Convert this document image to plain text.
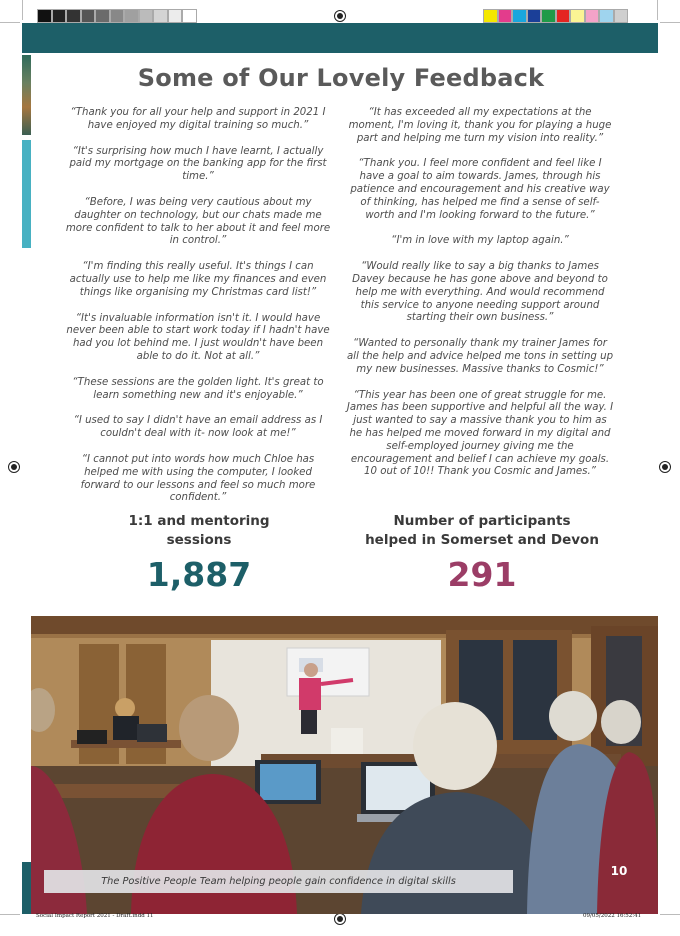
Some of Our Lovely Feedback

“Thank you for all your help and support in 2021 I have enjoyed my digital training so much.”

“It's surprising how much I have learnt, I actually paid my mortgage on the banking app for the first time.”

“Before, I was being very cautious about my daughter on technology, but our chats made me more confident to talk to her about it and feel more in control.”

“I'm finding this really useful. It's things I can actually use to help me like my finances and even things like organising my Christmas card list!”

“It's invaluable information isn't it. I would have never been able to start work today if I hadn't have had you lot behind me. I just wouldn't have been able to do it. Not at all.”

“These sessions are the golden light. It's great to learn something new and it's enjoyable.”

“I used to say I didn't have an email address as I couldn't deal with it- now look at me!”

“I cannot put into words how much Chloe has helped me with using the computer, I looked forward to our lessons and feel so much more confident.”

“It has exceeded all my expectations at the moment, I'm loving it, thank you for playing a huge part and helping me turn my vision into reality.”

“Thank you. I feel more confident and feel like I have a goal to aim towards. James, through his patience and encouragement and his creative way of thinking, has helped me find a sense of self-worth and I'm looking forward to the future.”

“I'm in love with my laptop again.”

“Would really like to say a big thanks to James Davey because he has gone above and beyond to help me with everything. And would recommend this service to anyone needing support around starting their own business.”

“Wanted to personally thank my trainer James for all the help and advice helped me tons in setting up my new businesses. Massive thanks to Cosmic!”

“This year has been one of great struggle for me. James has been supportive and helpful all the way. I just wanted to say a massive thank you to him as he has helped me moved forward in my digital and self-employed journey giving me the encouragement and belief I can achieve my goals. 10 out of 10!! Thank you Cosmic and James.”

1:1 and mentoring
sessions
1,887
Number of participants
helped in Somerset and Devon
291
The Positive People Team helping people gain confidence in digital skills
10
Social Impact Report 2021 - Draft.indd 11	09/05/2022 16:52:41
